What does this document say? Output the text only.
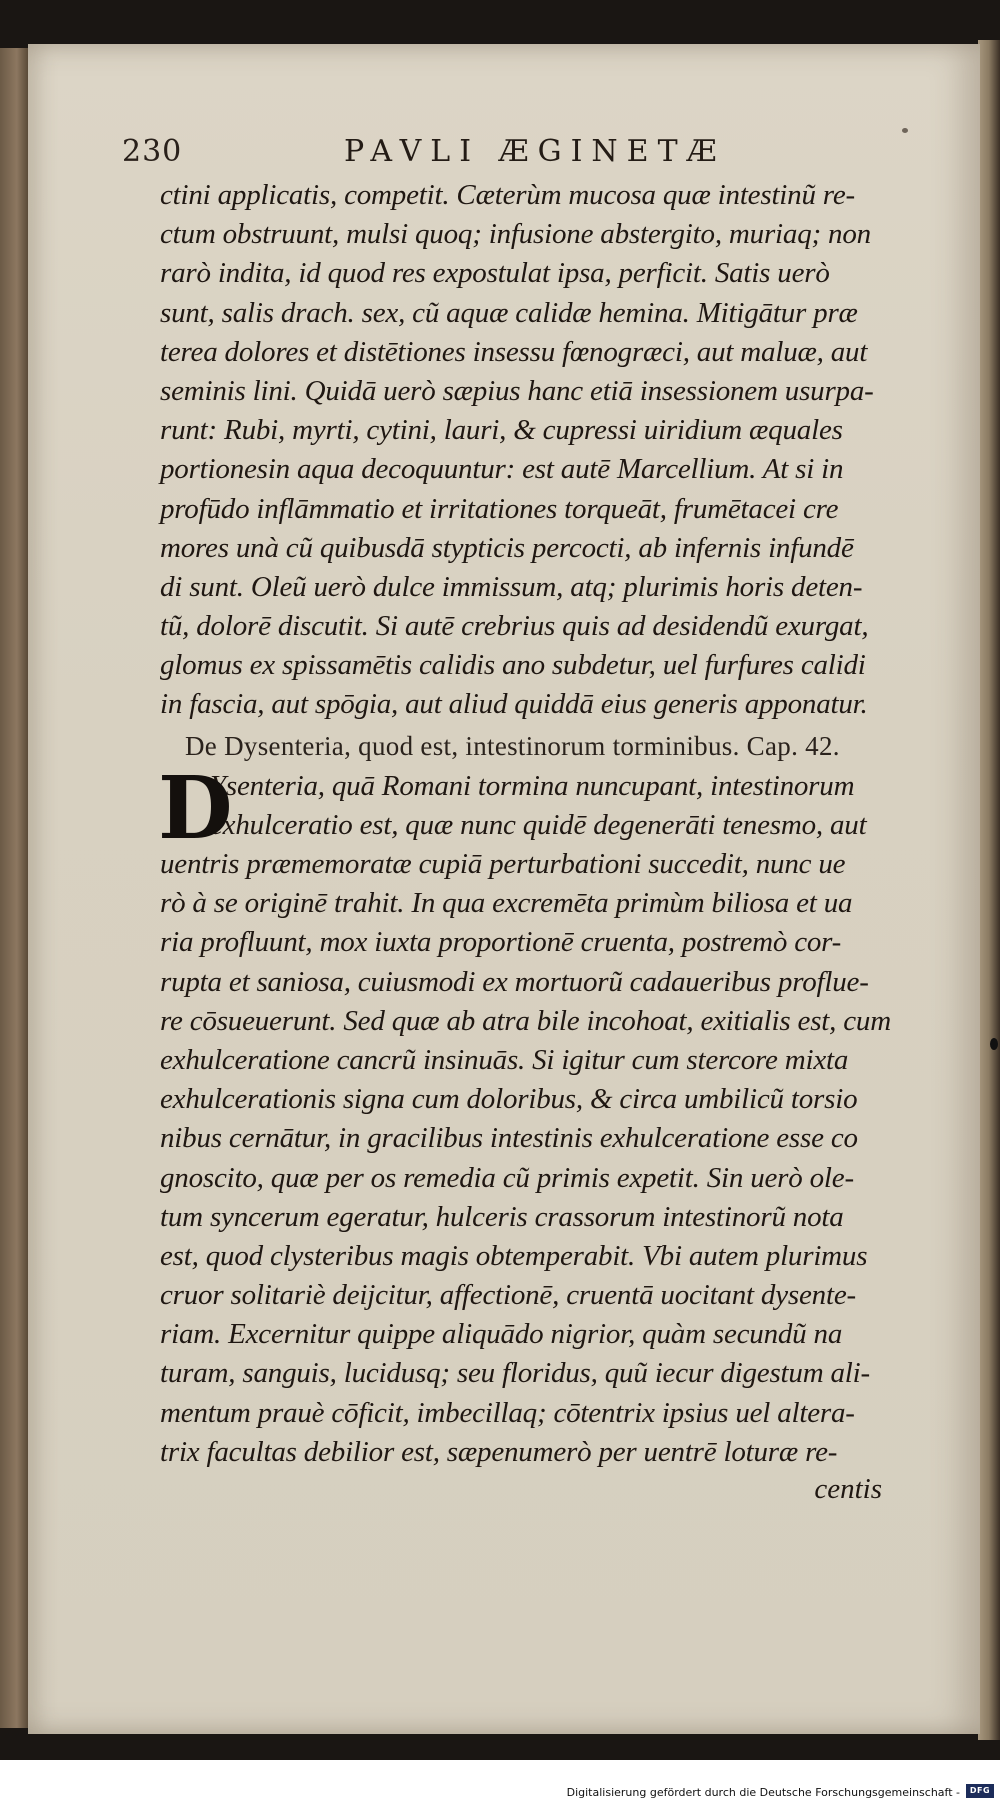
230	PAVLI ÆGINETÆ
ctini applicatis, competit. Cæterùm mucosa quæ intestinũ re-
ctum obstruunt, mulsi quoq; infusione abstergito, muriaq; non
rarò indita, id quod res expostulat ipsa, perficit. Satis uerò
sunt, salis drach. sex, cũ aquæ calidæ hemina. Mitigātur præ
terea dolores et distētiones insessu fœnogræci, aut maluæ, aut
seminis lini. Quidā uerò sæpius hanc etiā insessionem usurpa-
runt: Rubi, myrti, cytini, lauri, & cupressi uiridium æquales
portionesin aqua decoquuntur: est autē Marcellium. At si in
profūdo inflāmmatio et irritationes torqueāt, frumētacei cre
mores unà cũ quibusdā stypticis percocti, ab infernis infundē
di sunt. Oleũ uerò dulce immissum, atq; plurimis horis deten-
tũ, dolorē discutit. Si autē crebrius quis ad desidendũ exurgat,
glomus ex spissamētis calidis ano subdetur, uel furfures calidi
in fascia, aut spōgia, aut aliud quiddā eius generis apponatur.
De Dysenteria, quod est, intestinorum torminibus. Cap. 42.
D
Ysenteria, quā Romani tormina nuncupant, intestinorum
exhulceratio est, quæ nunc quidē degenerāti tenesmo, aut
uentris præmemoratæ cupiā perturbationi succedit, nunc ue
rò à se originē trahit. In qua excremēta primùm biliosa et ua
ria profluunt, mox iuxta proportionē cruenta, postremò cor-
rupta et saniosa, cuiusmodi ex mortuorũ cadaueribus proflue-
re cōsueuerunt. Sed quæ ab atra bile incohoat, exitialis est, cum
exhulceratione cancrũ insinuās. Si igitur cum stercore mixta
exhulcerationis signa cum doloribus, & circa umbilicũ torsio
nibus cernātur, in gracilibus intestinis exhulceratione esse co
gnoscito, quæ per os remedia cũ primis expetit. Sin uerò ole-
tum syncerum egeratur, hulceris crassorum intestinorũ nota
est, quod clysteribus magis obtemperabit. Vbi autem plurimus
cruor solitariè deijcitur, affectionē, cruentā uocitant dysente-
riam. Excernitur quippe aliquādo nigrior, quàm secundũ na
turam, sanguis, lucidusq; seu floridus, quũ iecur digestum ali-
mentum prauè cōficit, imbecillaq; cōtentrix ipsius uel altera-
trix facultas debilior est, sæpenumerò per uentrē loturæ re-
centis
Digitalisierung gefördert durch die Deutsche Forschungsgemeinschaft -	DFG
